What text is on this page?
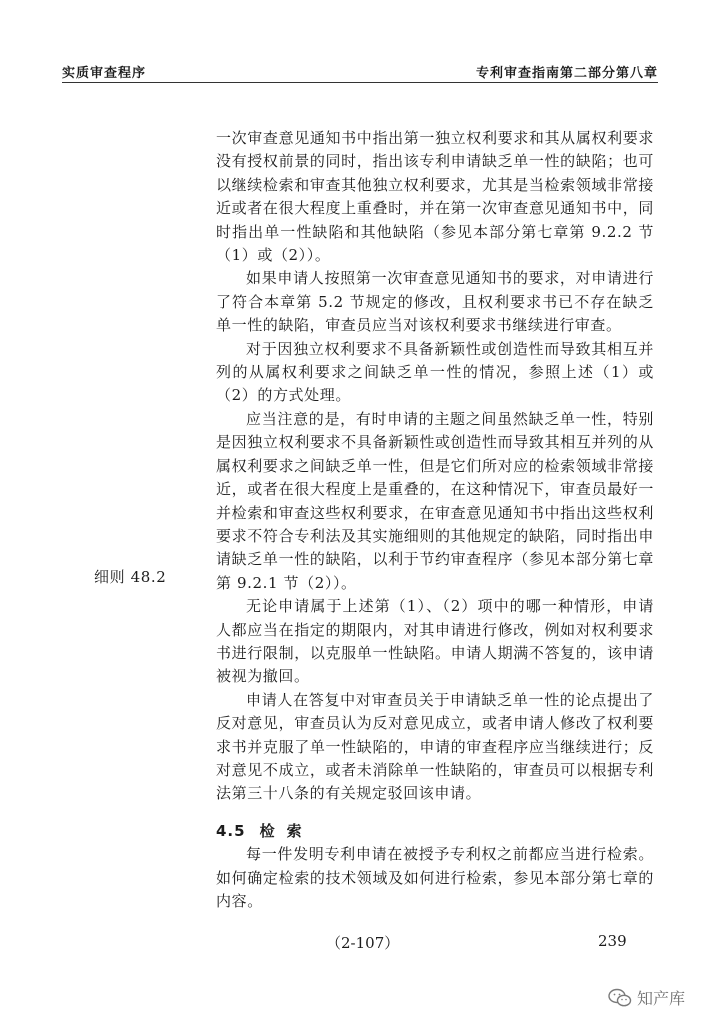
实质审查程序	专利审查指南第二部分第八章
细则 48.2

一次审查意见通知书中指出第一独立权利要求和其从属权利要求没有授权前景的同时，指出该专利申请缺乏单一性的缺陷；也可以继续检索和审查其他独立权利要求，尤其是当检索领域非常接近或者在很大程度上重叠时，并在第一次审查意见通知书中，同时指出单一性缺陷和其他缺陷（参见本部分第七章第 9.2.2 节（1）或（2））。

如果申请人按照第一次审查意见通知书的要求，对申请进行了符合本章第 5.2 节规定的修改，且权利要求书已不存在缺乏单一性的缺陷，审查员应当对该权利要求书继续进行审查。

对于因独立权利要求不具备新颖性或创造性而导致其相互并列的从属权利要求之间缺乏单一性的情况，参照上述（1）或（2）的方式处理。

应当注意的是，有时申请的主题之间虽然缺乏单一性，特别是因独立权利要求不具备新颖性或创造性而导致其相互并列的从属权利要求之间缺乏单一性，但是它们所对应的检索领域非常接近，或者在很大程度上是重叠的，在这种情况下，审查员最好一并检索和审查这些权利要求，在审查意见通知书中指出这些权利要求不符合专利法及其实施细则的其他规定的缺陷，同时指出申请缺乏单一性的缺陷，以利于节约审查程序（参见本部分第七章第 9.2.1 节（2））。

无论申请属于上述第（1）、（2）项中的哪一种情形，申请人都应当在指定的期限内，对其申请进行修改，例如对权利要求书进行限制，以克服单一性缺陷。申请人期满不答复的，该申请被视为撤回。

申请人在答复中对审查员关于申请缺乏单一性的论点提出了反对意见，审查员认为反对意见成立，或者申请人修改了权利要求书并克服了单一性缺陷的，申请的审查程序应当继续进行；反对意见不成立，或者未消除单一性缺陷的，审查员可以根据专利法第三十八条的有关规定驳回该申请。

4.5 检索

每一件发明专利申请在被授予专利权之前都应当进行检索。如何确定检索的技术领域及如何进行检索，参见本部分第七章的内容。

（2-107）	239
知产库
